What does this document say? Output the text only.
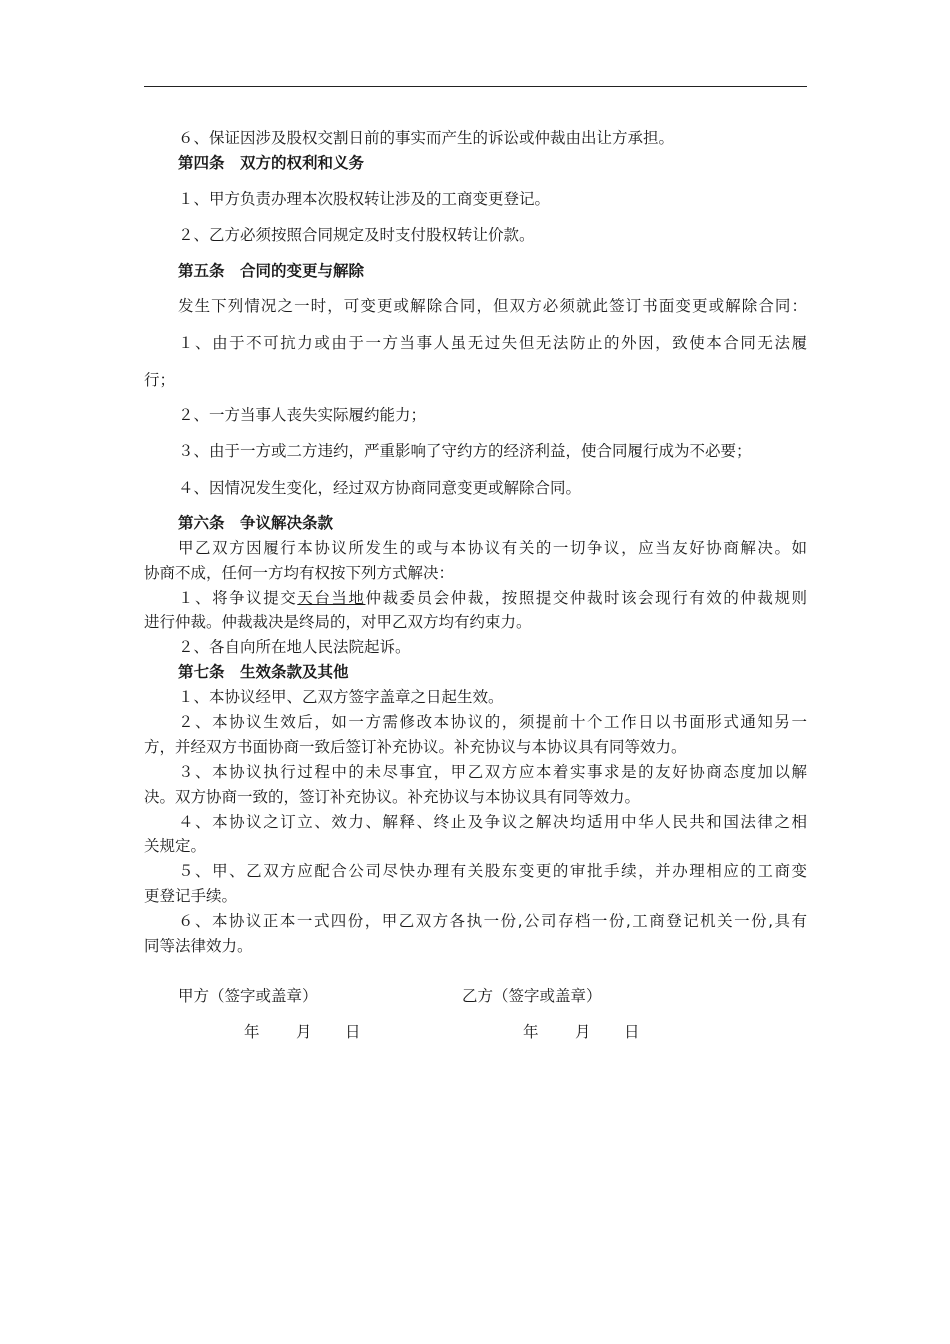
６、保证因涉及股权交割日前的事实而产生的诉讼或仲裁由出让方承担。
第四条　双方的权利和义务
１、甲方负责办理本次股权转让涉及的工商变更登记。
２、乙方必须按照合同规定及时支付股权转让价款。
第五条　合同的变更与解除
发生下列情况之一时，可变更或解除合同，但双方必须就此签订书面变更或解除合同：
１、由于不可抗力或由于一方当事人虽无过失但无法防止的外因，致使本合同无法履
行；
２、一方当事人丧失实际履约能力；
３、由于一方或二方违约，严重影响了守约方的经济利益，使合同履行成为不必要；
４、因情况发生变化，经过双方协商同意变更或解除合同。
第六条　争议解决条款
甲乙双方因履行本协议所发生的或与本协议有关的一切争议，应当友好协商解决。如
协商不成，任何一方均有权按下列方式解决：
１、将争议提交天台当地仲裁委员会仲裁，按照提交仲裁时该会现行有效的仲裁规则
进行仲裁。仲裁裁决是终局的，对甲乙双方均有约束力。
２、各自向所在地人民法院起诉。
第七条　生效条款及其他
１、本协议经甲、乙双方签字盖章之日起生效。
２、本协议生效后，如一方需修改本协议的，须提前十个工作日以书面形式通知另一
方，并经双方书面协商一致后签订补充协议。补充协议与本协议具有同等效力。
３、本协议执行过程中的未尽事宜，甲乙双方应本着实事求是的友好协商态度加以解
决。双方协商一致的，签订补充协议。补充协议与本协议具有同等效力。
４、本协议之订立、效力、解释、终止及争议之解决均适用中华人民共和国法律之相
关规定。
５、甲、乙双方应配合公司尽快办理有关股东变更的审批手续，并办理相应的工商变
更登记手续。
６、本协议正本一式四份，甲乙双方各执一份,公司存档一份,工商登记机关一份,具有
同等法律效力。
甲方（签字或盖章）	乙方（签字或盖章）
年 月 日	年 月 日
